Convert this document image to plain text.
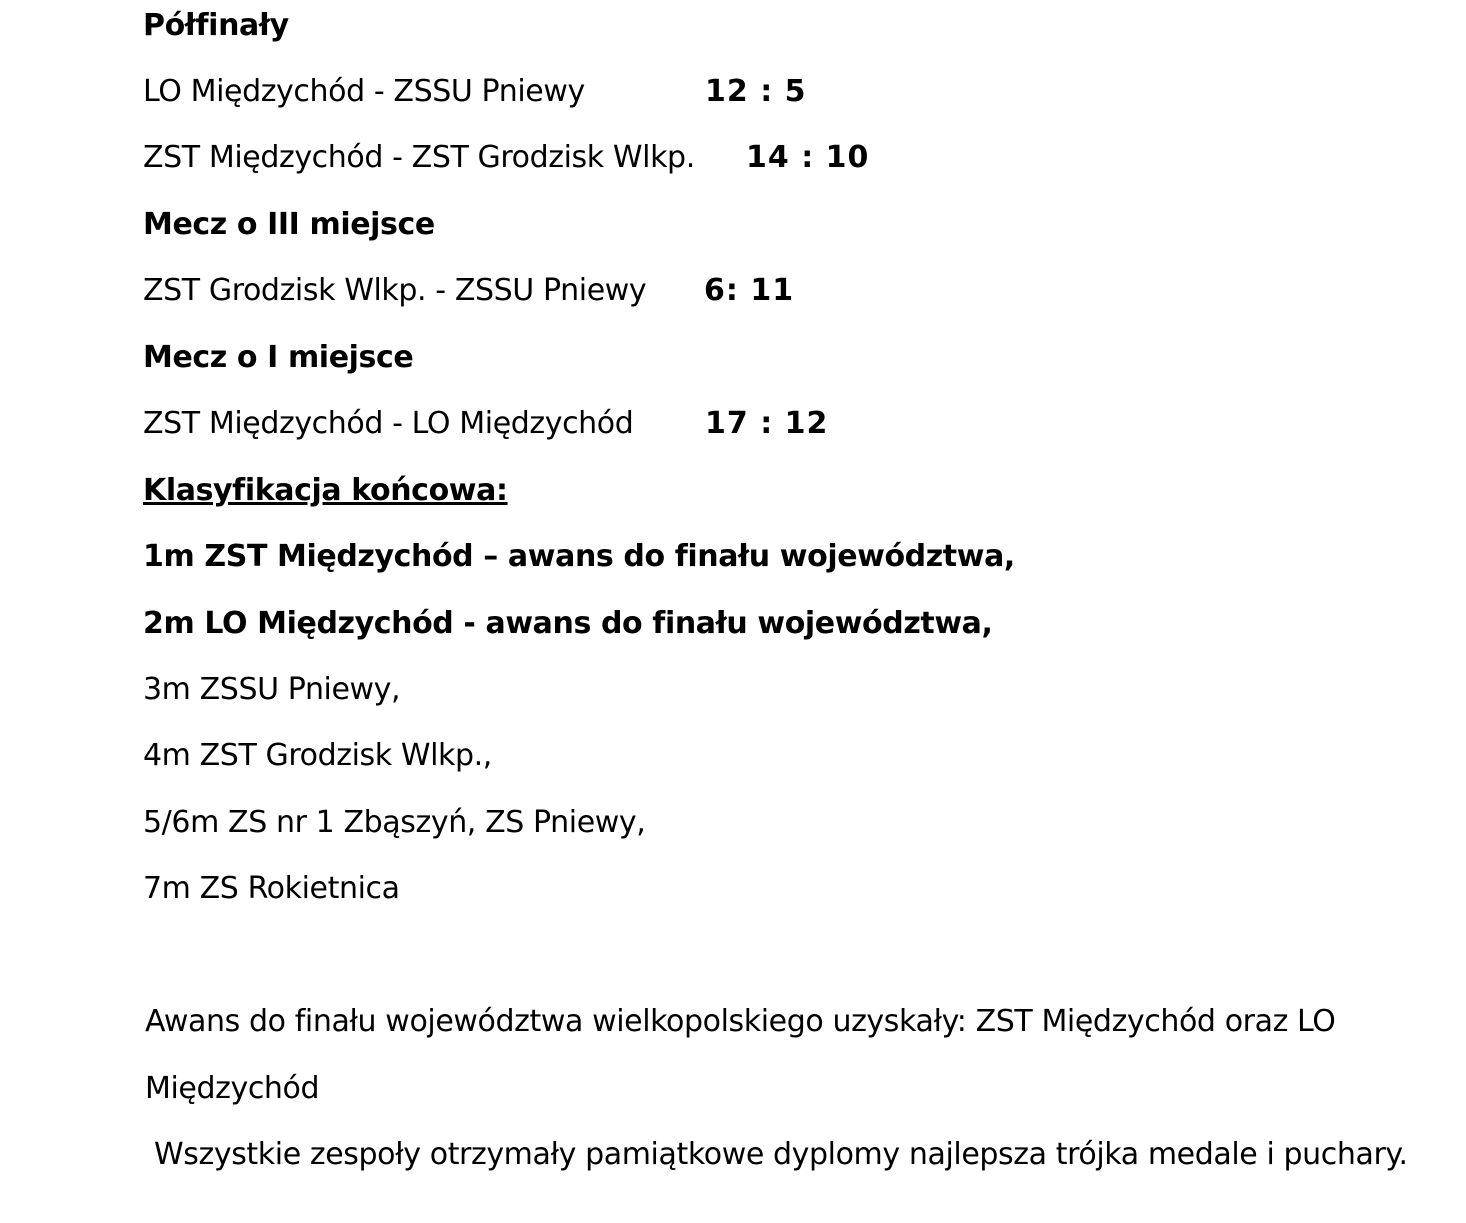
Półfinały
LO Międzychód - ZSSU Pniewy	12 : 5
ZST Międzychód - ZST Grodzisk Wlkp. 14 : 10
Mecz o III miejsce
ZST Grodzisk Wlkp. - ZSSU Pniewy 6: 11
Mecz o I miejsce
ZST Międzychód - LO Międzychód 17 : 12
Klasyfikacja końcowa:
1m ZST Międzychód – awans do finału województwa,
2m LO Międzychód - awans do finału województwa,
3m ZSSU Pniewy,
4m ZST Grodzisk Wlkp.,
5/6m ZS nr 1 Zbąszyń, ZS Pniewy,
7m ZS Rokietnica
Awans do finału województwa wielkopolskiego uzyskały: ZST Międzychód oraz LO
Międzychód
Wszystkie zespoły otrzymały pamiątkowe dyplomy najlepsza trójka medale i puchary.
